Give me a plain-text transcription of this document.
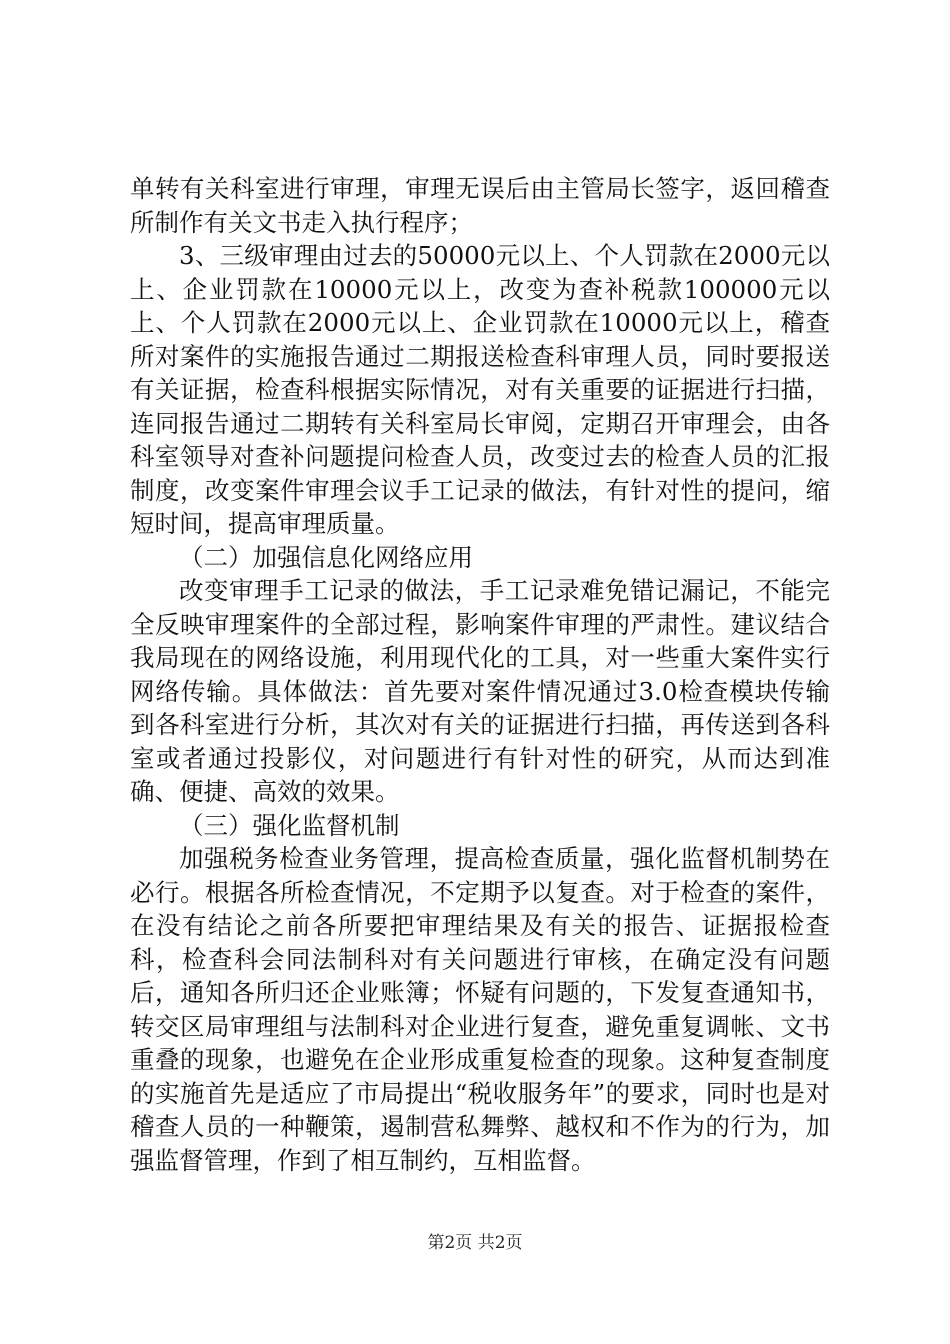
单转有关科室进行审理，审理无误后由主管局长签字，返回稽查所制作有关文书走入执行程序；

3、三级审理由过去的50000元以上、个人罚款在2000元以上、企业罚款在10000元以上，改变为查补税款100000元以上、个人罚款在2000元以上、企业罚款在10000元以上，稽查所对案件的实施报告通过二期报送检查科审理人员，同时要报送有关证据，检查科根据实际情况，对有关重要的证据进行扫描，连同报告通过二期转有关科室局长审阅，定期召开审理会，由各科室领导对查补问题提问检查人员，改变过去的检查人员的汇报制度，改变案件审理会议手工记录的做法，有针对性的提问，缩短时间，提高审理质量。

（二）加强信息化网络应用

改变审理手工记录的做法，手工记录难免错记漏记，不能完全反映审理案件的全部过程，影响案件审理的严肃性。建议结合我局现在的网络设施，利用现代化的工具，对一些重大案件实行网络传输。具体做法：首先要对案件情况通过3.0检查模块传输到各科室进行分析，其次对有关的证据进行扫描，再传送到各科室或者通过投影仪，对问题进行有针对性的研究，从而达到准确、便捷、高效的效果。

（三）强化监督机制

加强税务检查业务管理，提高检查质量，强化监督机制势在必行。根据各所检查情况，不定期予以复查。对于检查的案件，在没有结论之前各所要把审理结果及有关的报告、证据报检查科，检查科会同法制科对有关问题进行审核，在确定没有问题后，通知各所归还企业账簿；怀疑有问题的，下发复查通知书，转交区局审理组与法制科对企业进行复查，避免重复调帐、文书重叠的现象，也避免在企业形成重复检查的现象。这种复查制度的实施首先是适应了市局提出“税收服务年”的要求，同时也是对稽查人员的一种鞭策，遏制营私舞弊、越权和不作为的行为，加强监督管理，作到了相互制约，互相监督。

第2页 共2页
